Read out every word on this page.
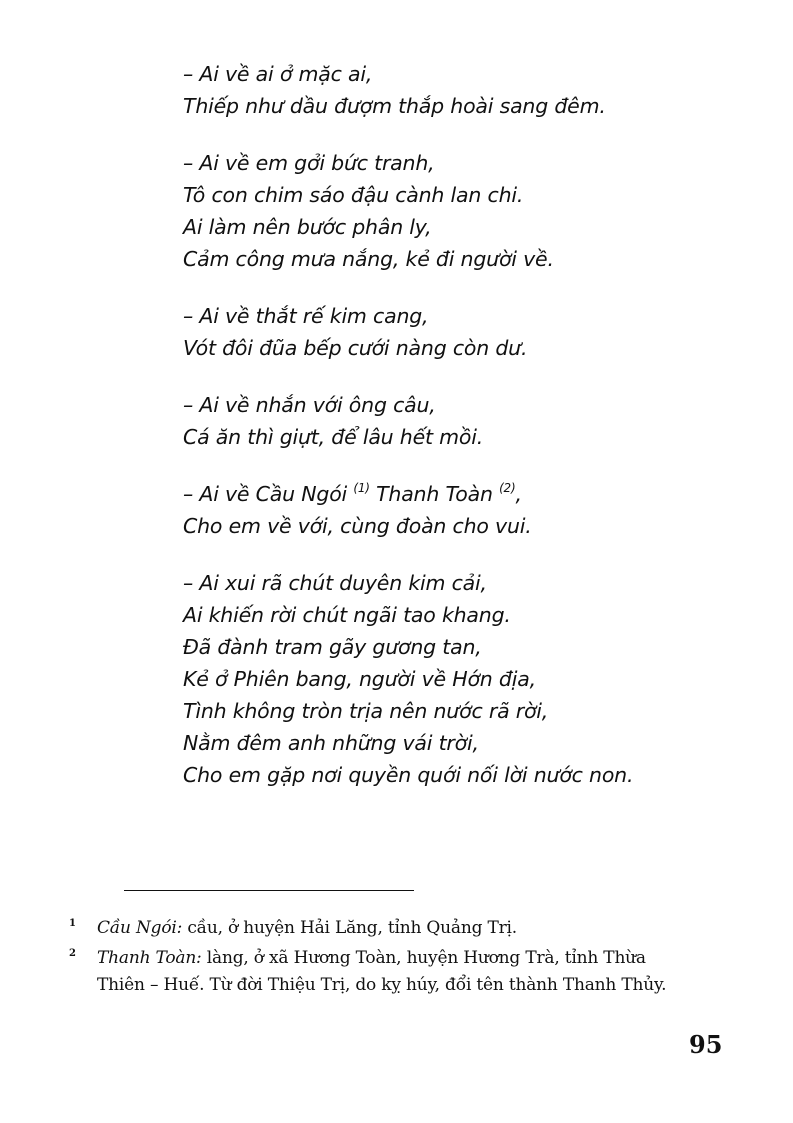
– Ai về ai ở mặc ai,
Thiếp như dầu đượm thắp hoài sang đêm.
– Ai về em gởi bức tranh,
Tô con chim sáo đậu cành lan chi.
Ai làm nên bước phân ly,
Cảm công mưa nắng, kẻ đi người về.
– Ai về thắt rế kim cang,
Vót đôi đũa bếp cưới nàng còn dư.
– Ai về nhắn với ông câu,
Cá ăn thì giựt, để lâu hết mồi.
– Ai về Cầu Ngói $^{(1)}$ Thanh Toàn $^{(2)}$,
Cho em về với, cùng đoàn cho vui.
– Ai xui rã chút duyên kim cải,
Ai khiến rời chút ngãi tao khang.
Đã đành tram gãy gương tan,
Kẻ ở Phiên bang, người về Hớn địa,
Tình không tròn trịa nên nước rã rời,
Nằm đêm anh những vái trời,
Cho em gặp nơi quyền quới nối lời nước non.
1 Cầu Ngói: cầu, ở huyện Hải Lăng, tỉnh Quảng Trị.
2 Thanh Toàn: làng, ở xã Hương Toàn, huyện Hương Trà, tỉnh Thừa
Thiên – Huế. Từ đời Thiệu Trị, do kỵ húy, đổi tên thành Thanh Thủy.
95
